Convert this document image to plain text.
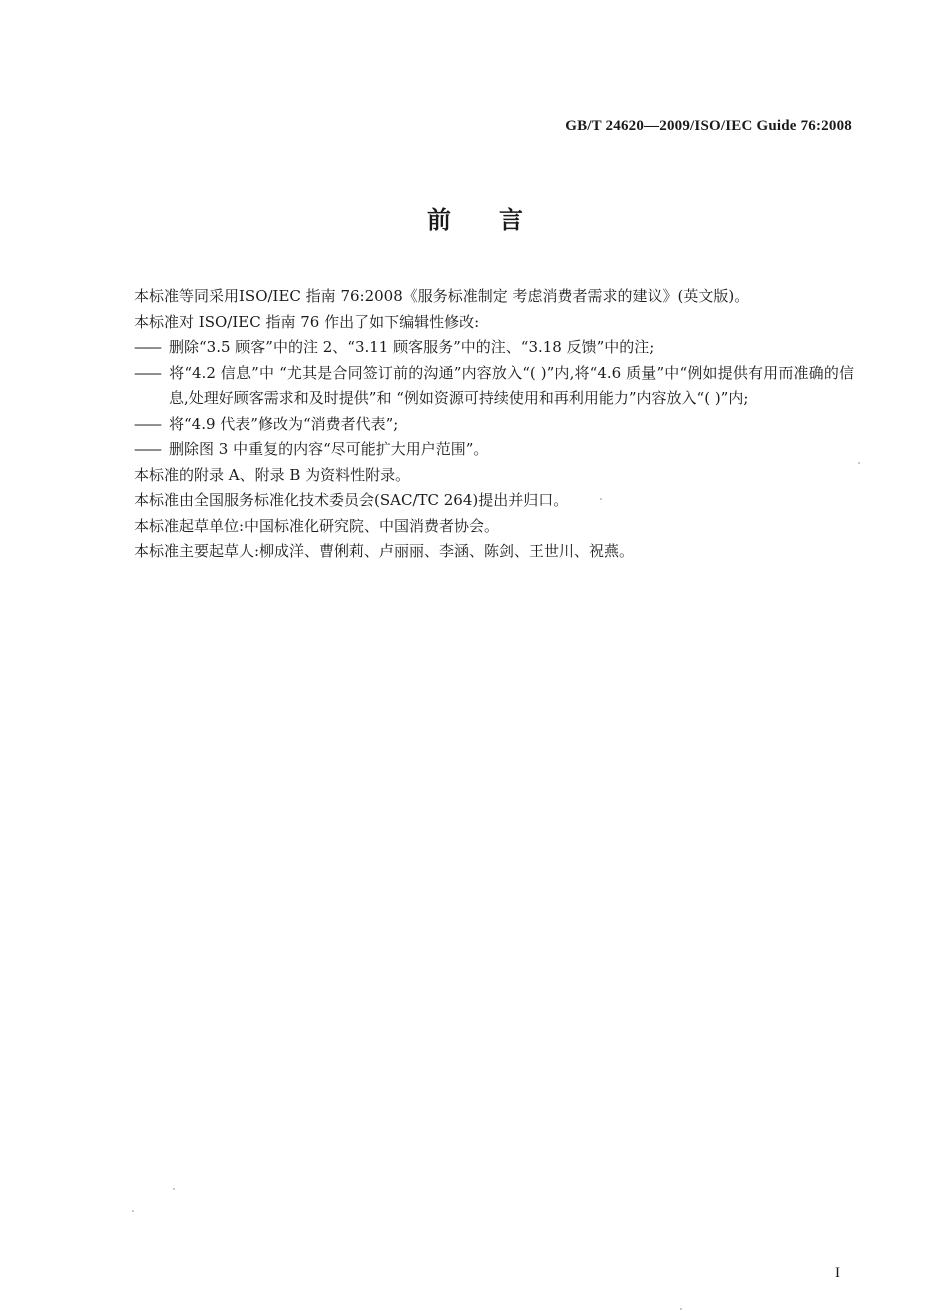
GB/T 24620—2009/ISO/IEC Guide 76:2008
前言

本标准等同采用ISO/IEC 指南 76:2008《服务标准制定 考虑消费者需求的建议》(英文版)。

本标准对 ISO/IEC 指南 76 作出了如下编辑性修改:

—— 删除“3.5 顾客”中的注 2、“3.11 顾客服务”中的注、“3.18 反馈”中的注;

—— 将“4.2 信息”中 “尤其是合同签订前的沟通”内容放入“( )”内,将“4.6 质量”中“例如提供有用而准确的信息,处理好顾客需求和及时提供”和 “例如资源可持续使用和再利用能力”内容放入“( )”内;

—— 将“4.9 代表”修改为“消费者代表”;

—— 删除图 3 中重复的内容“尽可能扩大用户范围”。

本标准的附录 A、附录 B 为资料性附录。

本标准由全国服务标准化技术委员会(SAC/TC 264)提出并归口。

本标准起草单位:中国标准化研究院、中国消费者协会。

本标准主要起草人:柳成洋、曹俐莉、卢丽丽、李涵、陈剑、王世川、祝燕。

I
